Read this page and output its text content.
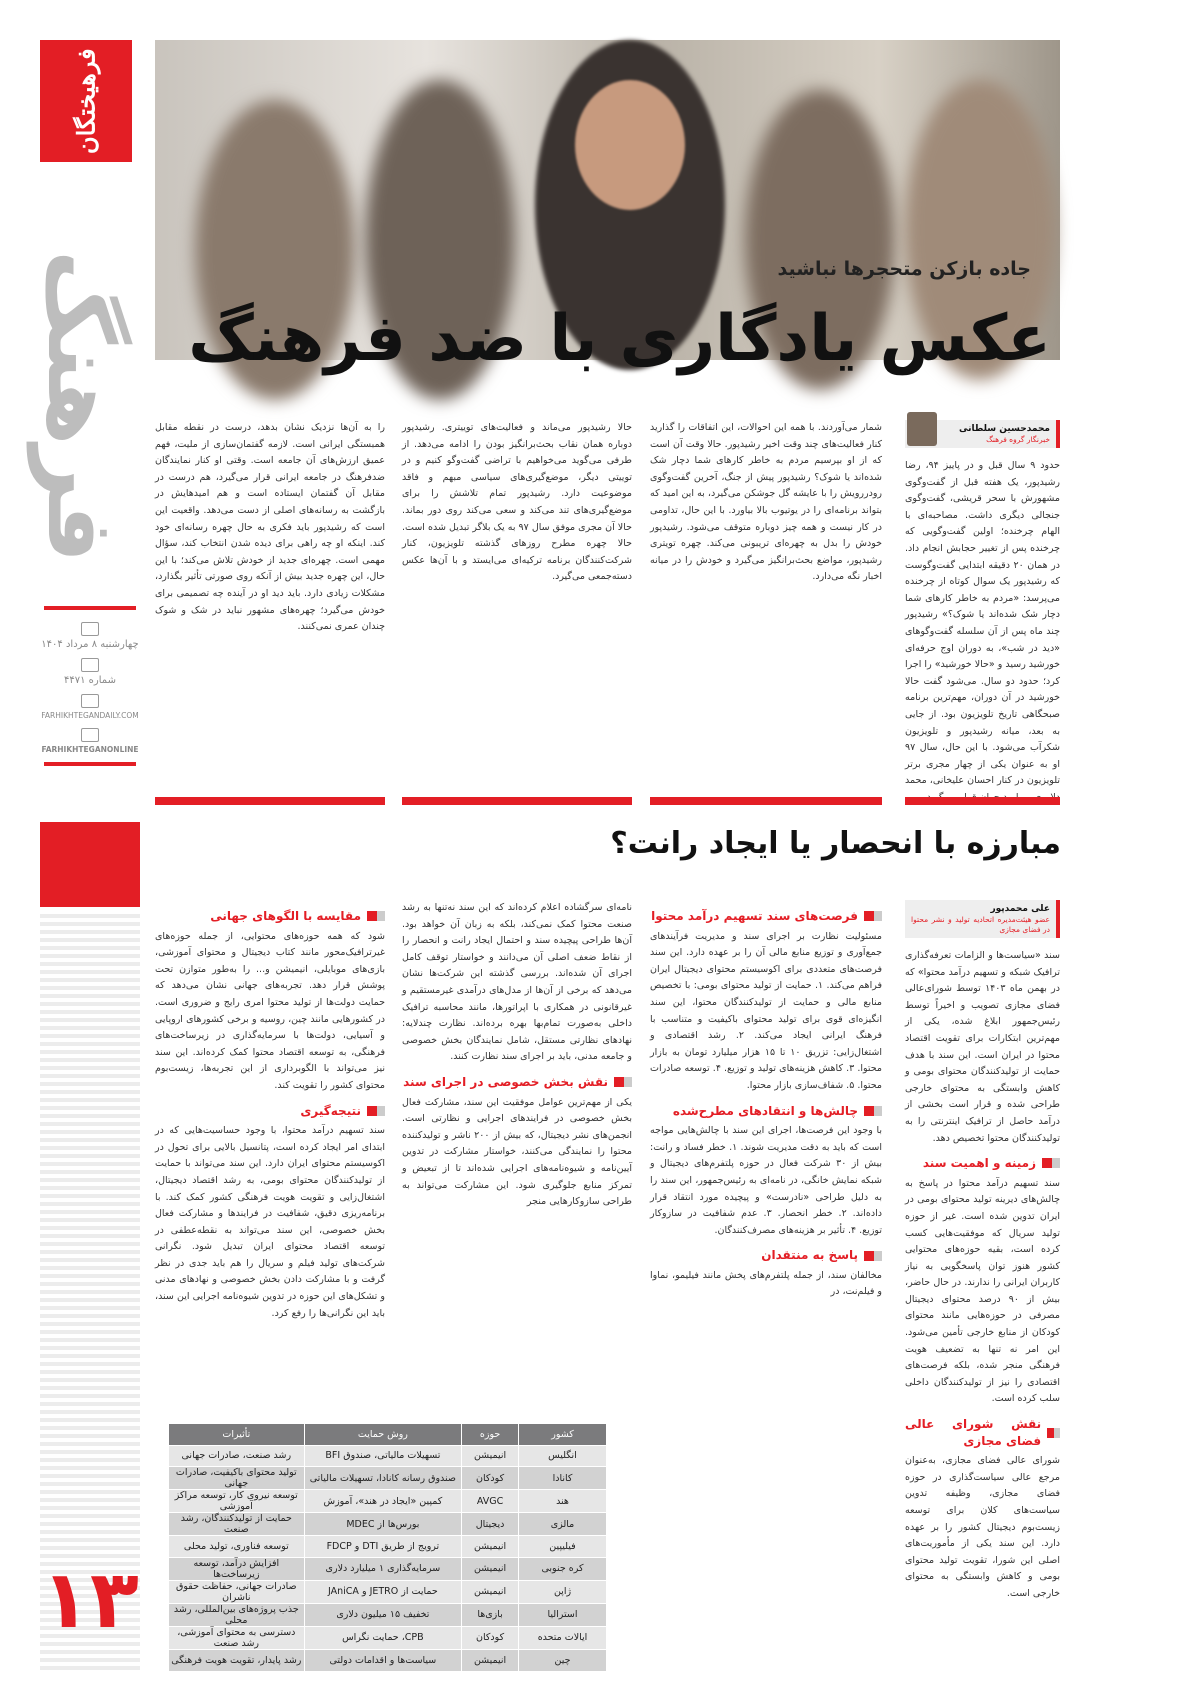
فرهیختگان
فرهنگ
چهارشنبه ۸ مرداد ۱۴۰۴
شماره ۴۴۷۱
FARHIKHTEGANDAILY.COM
FARHIKHTEGANONLINE
۱۳
جاده بازکن متحجرها نباشید
عکس یادگاری با ضد فرهنگ
محمدحسین سلطانی
خبرنگار گروه فرهنگ

حدود ۹ سال قبل و در پاییز ۹۴، رضا رشیدپور، یک هفته قبل از گفت‌وگوی مشهورش با سحر قریشی، گفت‌وگوی جنجالی دیگری داشت. مصاحبه‌ای با الهام چرخنده؛ اولین گفت‌وگویی که چرخنده پس از تغییر حجابش انجام داد. در همان ۲۰ دقیقه ابتدایی گفت‌وگوست که رشیدپور یک سوال کوتاه از چرخنده می‌پرسد: «مردم به خاطر کارهای شما دچار شک شده‌اند یا شوک؟» رشیدپور چند ماه پس از آن سلسله گفت‌وگوهای «دید در شب»، به دوران اوج حرفه‌ای خورشید رسید و «حالا خورشید» را اجرا کرد؛ حدود دو سال. می‌شود گفت حالا خورشید در آن دوران، مهم‌ترین برنامه صبحگاهی تاریخ تلویزیون بود. از جایی به بعد، میانه رشیدپور و تلویزیون شکرآب می‌شود. با این حال، سال ۹۷ او به عنوان یکی از چهار مجری برتر تلویزیون در کنار احسان علیخانی، محمد

شمار می‌آوردند. با همه این احوالات، این اتفاقات را گذارید کنار فعالیت‌های چند وقت اخیر رشیدپور. حالا وقت آن است که از او بپرسیم مردم به خاطر کارهای شما دچار شک شده‌اند یا شوک؟ رشیدپور پیش از جنگ، آخرین گفت‌وگوی رودررویش را با عایشه گل جوشکن می‌گیرد، به این امید که بتواند برنامه‌ای را در یوتیوب بالا بیاورد. با این حال، تداومی در کار نیست و همه چیز دوباره متوقف می‌شود. رشیدپور خودش را بدل به چهره‌ای تریبونی می‌کند. چهره تویتری رشیدپور، مواضع بحث‌برانگیز می‌گیرد و خودش را در میانه اخبار نگه می‌دارد.

حالا رشیدپور می‌ماند و فعالیت‌های توییتری. رشیدپور دوباره همان نقاب بحث‌برانگیز بودن را ادامه می‌دهد. از طرفی می‌گوید می‌خواهیم با تراضی گفت‌وگو کنیم و در توییتی دیگر، موضع‌گیری‌های سیاسی مبهم و فاقد موضوعیت دارد. رشیدپور تمام تلاشش را برای موضع‌گیری‌های تند می‌کند و سعی می‌کند روی دور بماند. حالا آن مجری موفق سال ۹۷ به یک بلاگر تبدیل شده است. حالا چهره مطرح روزهای گذشته تلویزیون، کنار شرکت‌کنندگان برنامه ترکیه‌ای می‌ایستد و با آن‌ها عکس دسته‌جمعی می‌گیرد.

را به آن‌ها نزدیک نشان بدهد، درست در نقطه مقابل همبستگی ایرانی است. لازمه گفتمان‌سازی از ملیت، فهم عمیق ارزش‌های آن جامعه است. وقتی او کنار نمایندگان ضدفرهنگ در جامعه ایرانی قرار می‌گیرد، هم درست در مقابل آن گفتمان ایستاده است و هم امیدهایش در بازگشت به رسانه‌های اصلی از دست می‌دهد. واقعیت این است که رشیدپور باید فکری به حال چهره رسانه‌ای خود کند. اینکه او چه راهی برای دیده شدن انتخاب کند، سؤال مهمی است. چهره‌ای جدید از خودش تلاش می‌کند؛ با این حال، این چهره جدید بیش از آنکه روی صورتی تأثیر بگذارد، مشکلات زیادی دارد. باید دید او در آینده چه تصمیمی برای خودش می‌گیرد؛ چهره‌های مشهور نباید در شک و شوک چندان عمری نمی‌کنند.

مبارزه با انحصار یا ایجاد رانت؟
علی محمدپور
عضو هیئت‌مدیره اتحادیه تولید و نشر محتوا در فضای مجازی

سند «سیاست‌ها و الزامات تعرفه‌گذاری ترافیک شبکه و تسهیم درآمد محتوا» که در بهمن ماه ۱۴۰۳ توسط شورای‌عالی فضای مجازی تصویب و اخیراً توسط رئیس‌جمهور ابلاغ شده، یکی از مهم‌ترین ابتکارات برای تقویت اقتصاد محتوا در ایران است. این سند با هدف حمایت از تولیدکنندگان محتوای بومی و کاهش وابستگی به محتوای خارجی طراحی شده و قرار است بخشی از درآمد حاصل از ترافیک اینترنتی را به تولیدکنندگان محتوا تخصیص دهد.

زمینه و اهمیت سند

سند تسهیم درآمد محتوا در پاسخ به چالش‌های دیرینه تولید محتوای بومی در ایران تدوین شده است. غیر از حوزه تولید سریال که موفقیت‌هایی کسب کرده است، بقیه حوزه‌های محتوایی کشور هنوز توان پاسخگویی به نیاز کاربران ایرانی را ندارند. در حال حاضر، بیش از ۹۰ درصد محتوای دیجیتال مصرفی در حوزه‌هایی مانند محتوای کودکان از منابع خارجی تأمین می‌شود. این امر نه تنها به تضعیف هویت فرهنگی منجر شده، بلکه فرصت‌های اقتصادی را نیز از تولیدکنندگان داخلی سلب کرده است.

نقش شورای عالی فضای مجازی

شورای عالی فضای مجازی، به‌عنوان مرجع عالی سیاست‌گذاری در حوزه فضای مجازی، وظیفه تدوین سیاست‌های کلان برای توسعه زیست‌بوم دیجیتال کشور را بر عهده دارد. این سند یکی از مأموریت‌های اصلی این شورا، تقویت تولید محتوای بومی و کاهش وابستگی به محتوای خارجی است.

فرصت‌های سند تسهیم درآمد محتوا

مسئولیت نظارت بر اجرای سند و مدیریت فرآیندهای جمع‌آوری و توزیع منابع مالی آن را بر عهده دارد. این سند فرصت‌های متعددی برای اکوسیستم محتوای دیجیتال ایران فراهم می‌کند. ۱. حمایت از تولید محتوای بومی: با تخصیص منابع مالی و حمایت از تولیدکنندگان محتوا، این سند انگیزه‌ای قوی برای تولید محتوای باکیفیت و متناسب با فرهنگ ایرانی ایجاد می‌کند. ۲. رشد اقتصادی و اشتغال‌زایی: تزریق ۱۰ تا ۱۵ هزار میلیارد تومان به بازار محتوا. ۳. کاهش هزینه‌های تولید و توزیع. ۴. توسعه صادرات محتوا. ۵. شفاف‌سازی بازار محتوا.

چالش‌ها و انتقادهای مطرح‌شده

با وجود این فرصت‌ها، اجرای این سند با چالش‌هایی مواجه است که باید به دقت مدیریت شوند. ۱. خطر فساد و رانت: بیش از ۳۰ شرکت فعال در حوزه پلتفرم‌های دیجیتال و شبکه نمایش خانگی، در نامه‌ای به رئیس‌جمهور، این سند را به دلیل طراحی «نادرست» و پیچیده مورد انتقاد قرار داده‌اند. ۲. خطر انحصار. ۳. عدم شفافیت در سازوکار توزیع. ۴. تأثیر بر هزینه‌های مصرف‌کنندگان.

پاسخ به منتقدان

مخالفان سند، از جمله پلتفرم‌های پخش مانند فیلیمو، نماوا و فیلم‌نت، در

نامه‌ای سرگشاده اعلام کرده‌اند که این سند نه‌تنها به رشد صنعت محتوا کمک نمی‌کند، بلکه به زبان آن خواهد بود. آن‌ها طراحی پیچیده سند و احتمال ایجاد رانت و انحصار را از نقاط ضعف اصلی آن می‌دانند و خواستار توقف کامل اجرای آن شده‌اند. بررسی گذشته این شرکت‌ها نشان می‌دهد که برخی از آن‌ها از مدل‌های درآمدی غیرمستقیم و غیرقانونی در همکاری با اپراتورها، مانند محاسبه ترافیک داخلی به‌صورت تمام‌بها بهره برده‌اند. نظارت چندلایه: نهادهای نظارتی مستقل، شامل نمایندگان بخش خصوصی و جامعه مدنی، باید بر اجرای سند نظارت کنند.

نقش بخش خصوصی در اجرای سند

یکی از مهم‌ترین عوامل موفقیت این سند، مشارکت فعال بخش خصوصی در فرایندهای اجرایی و نظارتی است. انجمن‌های نشر دیجیتال، که بیش از ۲۰۰ ناشر و تولیدکننده محتوا را نمایندگی می‌کنند، خواستار مشارکت در تدوین آیین‌نامه و شیوه‌نامه‌های اجرایی شده‌اند تا از تبعیض و تمرکز منابع جلوگیری شود. این مشارکت می‌تواند به طراحی سازوکارهایی منجر

مقایسه با الگوهای جهانی

شود که همه حوزه‌های محتوایی، از جمله حوزه‌های غیرترافیک‌محور مانند کتاب دیجیتال و محتوای آموزشی، بازی‌های موبایلی، انیمیشن و... را به‌طور متوازن تحت پوشش قرار دهد. تجربه‌های جهانی نشان می‌دهد که حمایت دولت‌ها از تولید محتوا امری رایج و ضروری است. در کشورهایی مانند چین، روسیه و برخی کشورهای اروپایی و آسیایی، دولت‌ها با سرمایه‌گذاری در زیرساخت‌های فرهنگی، به توسعه اقتصاد محتوا کمک کرده‌اند. این سند نیز می‌تواند با الگوبرداری از این تجربه‌ها، زیست‌بوم محتوای کشور را تقویت کند.

نتیجه‌گیری

سند تسهیم درآمد محتوا، با وجود حساسیت‌هایی که در ابتدای امر ایجاد کرده است، پتانسیل بالایی برای تحول در اکوسیستم محتوای ایران دارد. این سند می‌تواند با حمایت از تولیدکنندگان محتوای بومی، به رشد اقتصاد دیجیتال، اشتغال‌زایی و تقویت هویت فرهنگی کشور کمک کند. با برنامه‌ریزی دقیق، شفافیت در فرایندها و مشارکت فعال بخش خصوصی، این سند می‌تواند به نقطه‌عطفی در توسعه اقتصاد محتوای ایران تبدیل شود. نگرانی شرکت‌های تولید فیلم و سریال را هم باید جدی در نظر گرفت و با مشارکت دادن بخش خصوصی و نهادهای مدنی و تشکل‌های این حوزه در تدوین شیوه‌نامه اجرایی این سند، باید این نگرانی‌ها را رفع کرد.

کشور	حوزه	روش حمایت	تأثیرات
انگلیس	انیمیشن	تسهیلات مالیاتی، صندوق BFI	رشد صنعت، صادرات جهانی
کانادا	کودکان	صندوق رسانه کانادا، تسهیلات مالیاتی	تولید محتوای باکیفیت، صادرات جهانی
هند	AVGC	کمپین «ایجاد در هند»، آموزش	توسعه نیروی کار، توسعه مراکز آموزشی
مالزی	دیجیتال	بورس‌ها از MDEC	حمایت از تولیدکنندگان، رشد صنعت
فیلیپین	انیمیشن	ترویج از طریق DTI و FDCP	توسعه فناوری، تولید محلی
کره جنوبی	انیمیشن	سرمایه‌گذاری ۱ میلیارد دلاری	افزایش درآمد، توسعه زیرساخت‌ها
ژاپن	انیمیشن	حمایت از JETRO و JAniCA	صادرات جهانی، حفاظت حقوق ناشران
استرالیا	بازی‌ها	تخفیف ۱۵ میلیون دلاری	جذب پروژه‌های بین‌المللی، رشد محلی
ایالات متحده	کودکان	CPB، حمایت نگراس	دسترسی به محتوای آموزشی، رشد صنعت
چین	انیمیشن	سیاست‌ها و اقدامات دولتی	رشد پایدار، تقویت هویت فرهنگی
